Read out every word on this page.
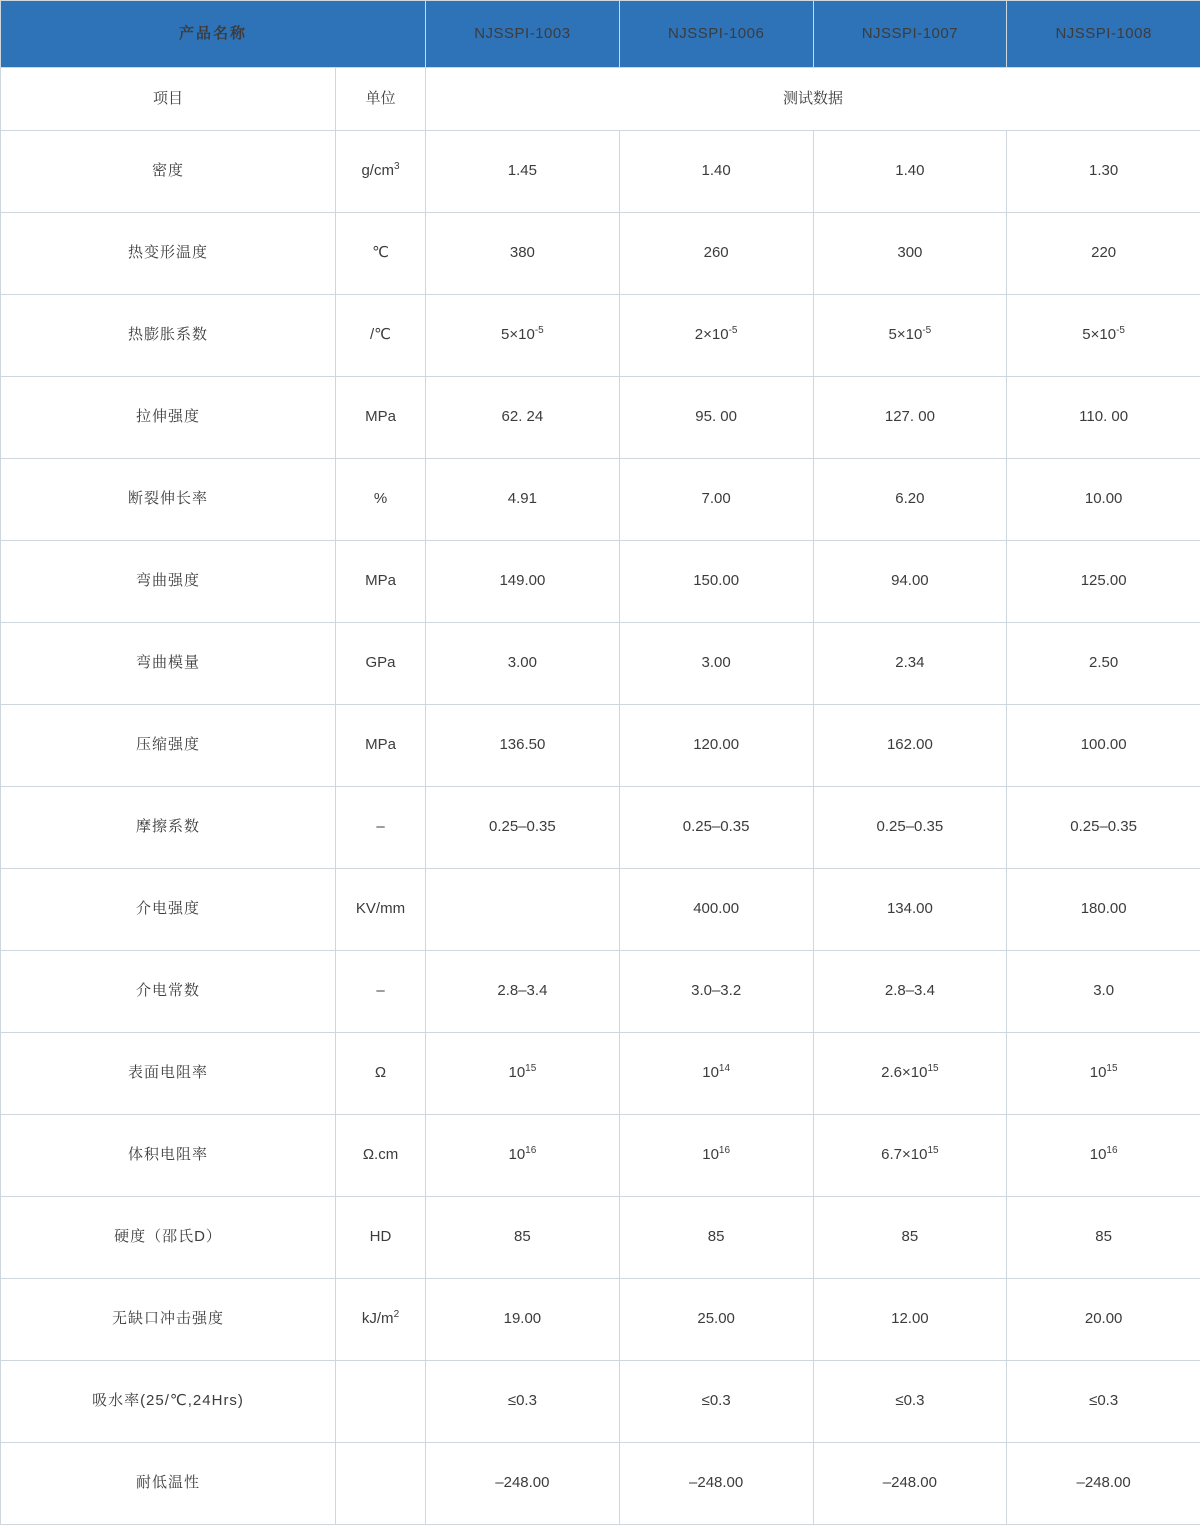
产品名称		NJSSPI-1003	NJSSPI-1006	NJSSPI-1007	NJSSPI-1008
项目	单位	测试数据			
密度	$g/cm^3$	1.45	1.40	1.40	1.30
热变形温度	℃	380	260	300	220
热膨胀系数	/℃	$5\times 10^{-5}$	$2\times 10^{-5}$	$5\times 10^{-5}$	$5\times 10^{-5}$
拉伸强度	MPa	62. 24	95. 00	127. 00	110. 00
断裂伸长率	%	4.91	7.00	6.20	10.00
弯曲强度	MPa	149.00	150.00	94.00	125.00
弯曲模量	GPa	3.00	3.00	2.34	2.50
压缩强度	MPa	136.50	120.00	162.00	100.00
摩擦系数	–	0.25–0.35	0.25–0.35	0.25–0.35	0.25–0.35
介电强度	KV/mm		400.00	134.00	180.00
介电常数	–	2.8–3.4	3.0–3.2	2.8–3.4	3.0
表面电阻率	Ω	$10^{15}$	$10^{14}$	$2.6\times 10^{15}$	$10^{15}$
体积电阻率	Ω.cm	$10^{16}$	$10^{16}$	$6.7\times 10^{15}$	$10^{16}$
硬度（邵氏D）	HD	85	85	85	85
无缺口冲击强度	$kJ/m^2$	19.00	25.00	12.00	20.00
吸水率(25/℃,24Hrs)		≤0.3	≤0.3	≤0.3	≤0.3
耐低温性		–248.00	–248.00	–248.00	–248.00
